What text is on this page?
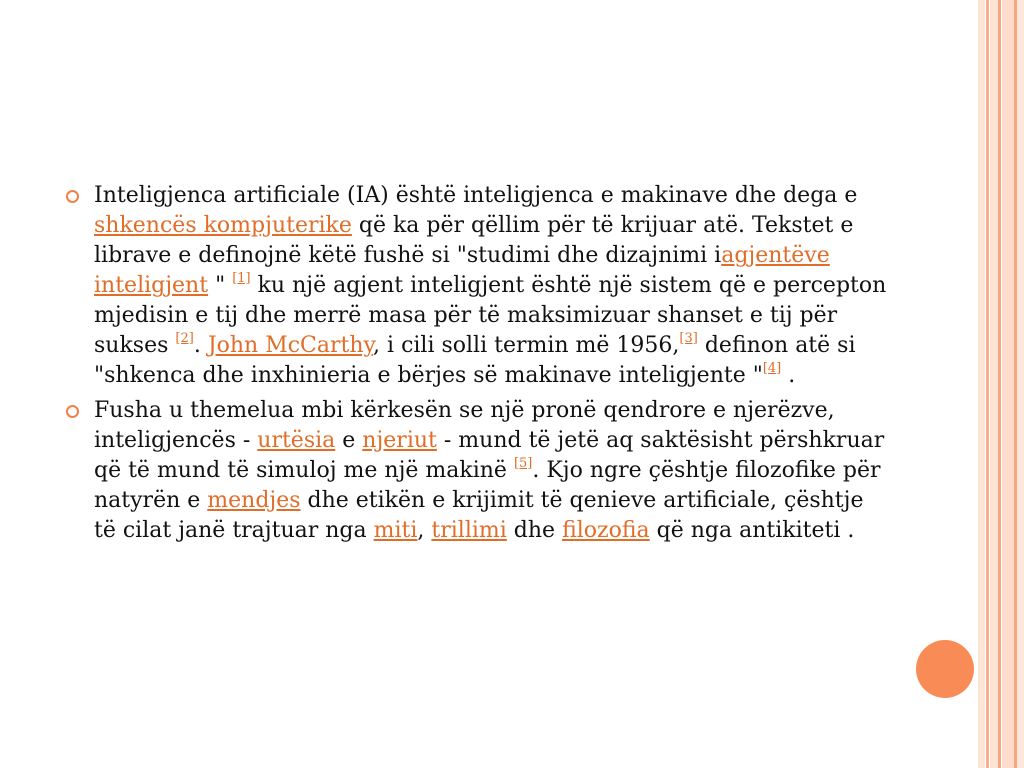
Inteligjenca artificiale (IA) është inteligjenca e makinave dhe dega e shkencës kompjuterike që ka për qëllim për të krijuar atë. Tekstet e librave e definojnë këtë fushë si "studimi dhe dizajnimi iagjentëve inteligjent " [1] ku një agjent inteligjent është një sistem që e percepton mjedisin e tij dhe merrë masa për të maksimizuar shanset e tij për sukses [2]. John McCarthy, i cili solli termin më 1956,[3] definon atë si "shkenca dhe inxhinieria e bërjes së makinave inteligjente "[4] .
Fusha u themelua mbi kërkesën se një pronë qendrore e njerëzve, inteligjencës - urtësia e njeriut - mund të jetë aq saktësisht përshkruar që të mund të simuloj me një makinë [5]. Kjo ngre çështje filozofike për natyrën e mendjes dhe etikën e krijimit të qenieve artificiale, çështje të cilat janë trajtuar nga miti, trillimi dhe filozofia që nga antikiteti .
